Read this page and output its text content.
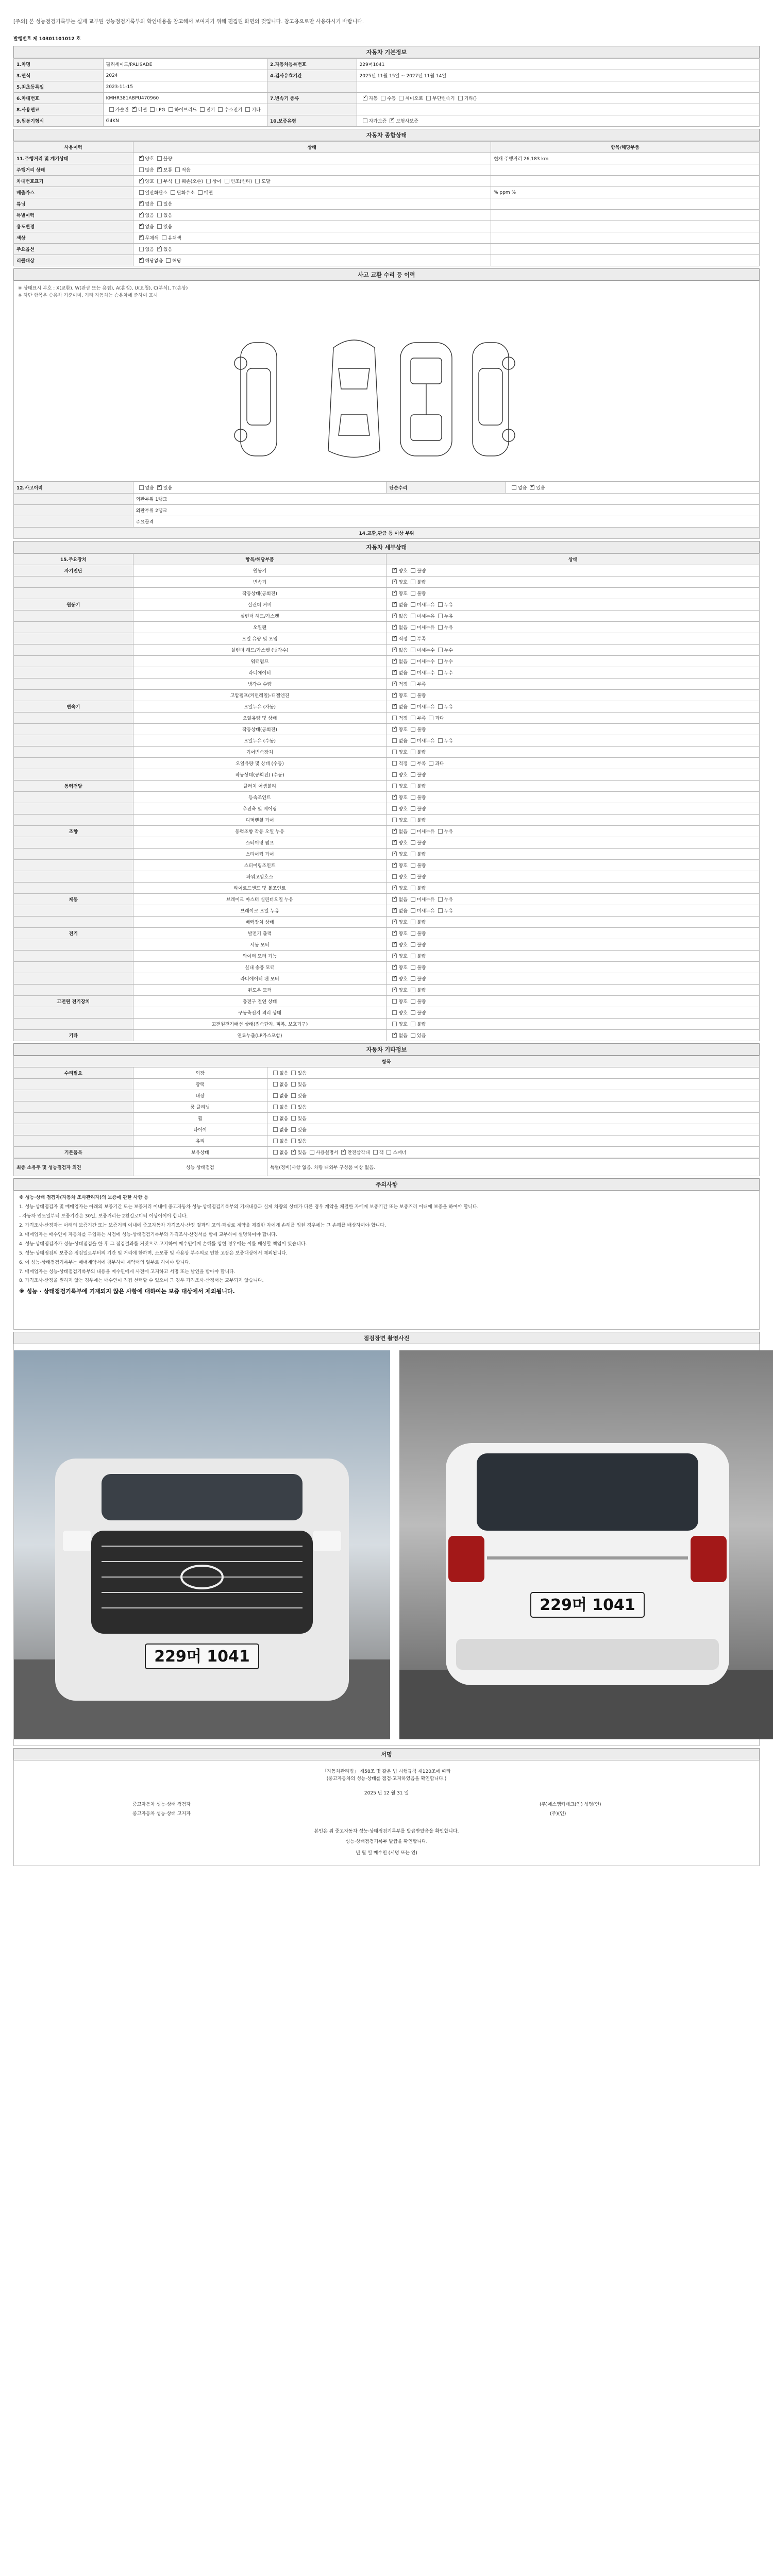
[주의] 본 성능점검기록부는 실제 교부된 성능점검기록부의 확인내용을 참고해서 보여지기 위해 편집된 화면의 것입니다. 참고용으로만 사용하시기 바랍니다.
발행번호 제 10301101012 호
자동차 기본정보
1.차명	팰리세이드/PALISADE	2.자동차등록번호	229머1041
3.연식	2024	4.검사유효기간	2025년 11월 15일 ~ 2027년 11월 14일
5.최초등록일	2023-11-15		
6.차대번호	KMHR381ABPU470960	7.변속기 종류	✓자동 수동 세미오토 무단변속기 기타()
8.사용연료	가솔린 ✓ 디젤 LPG 하이브리드 전기 수소전기 기타		
9.원동기형식	G4KN	10.보증유형	자가보증 ✓ 보험사보증
자동차 종합상태
사용이력	상태	항목/해당부품
11.주행거리 및 계기상태	✓양호 불량	현재 주행거리 26,183 km
주행거리 상태	많음 ✓ 보통 적음	
차대번호표기	✓양호 부식 훼손(오손) 상이 변조(변타) 도말	
배출가스	일산화탄소 탄화수소 매연	% ppm %
튜닝	✓없음 있음	
특별이력	✓없음 있음	
용도변경	✓없음 있음	
색상	✓무채색 유채색	
주요옵션	없음 ✓ 있음	
리콜대상	✓해당없음 해당	
사고 교환 수리 등 이력
※ 상태표시 부호 : X(교환), W(판금 또는 용접), A(흠집), U(요철), C(부식), T(손상)
※ 하단 항목은 승용차 기준이며, 기타 자동차는 승용차에 준하여 표시
12.사고이력	없음 ✓ 있음	단순수리	없음 ✓ 있음
	외판부위 1랭크		
	외판부위 2랭크		
	주요골격		
14.교환,판금 등 이상 부위			
자동차 세부상태
15.주요장치	항목/해당부품	상태
자기진단	원동기	✓양호 불량
	변속기	✓양호 불량
	작동상태(공회전)	✓양호 불량
원동기	실린더 커버	✓없음 미세누유 누유
	실린더 헤드/가스켓	✓없음 미세누유 누유
	오일팬	✓없음 미세누유 누유
	오일 유량 및 오염	✓적정 부족
	실린더 헤드/가스켓 (냉각수)	✓없음 미세누수 누수
	워터펌프	✓없음 미세누수 누수
	라디에이터	✓없음 미세누수 누수
	냉각수 수량	✓적정 부족
	고압펌프(커먼레일)-디젤엔진	✓양호 불량
변속기	오일누유 (자동)	✓없음 미세누유 누유
	오일유량 및 상태	적정 부족 과다
	작동상태(공회전)	✓양호 불량
	오일누유 (수동)	없음 미세누유 누유
	기어변속장치	양호 불량
	오일유량 및 상태 (수동)	적정 부족 과다
	작동상태(공회전) (수동)	양호 불량
동력전달	클러치 어셈블리	양호 불량
	등속조인트	✓양호 불량
	추진축 및 베어링	양호 불량
	디퍼렌셜 기어	양호 불량
조향	동력조향 작동 오일 누유	✓없음 미세누유 누유
	스티어링 펌프	✓양호 불량
	스티어링 기어	✓양호 불량
	스티어링조인트	✓양호 불량
	파워고압호스	양호 불량
	타이로드엔드 및 볼조인트	✓양호 불량
제동	브레이크 마스터 실린더오일 누유	✓없음 미세누유 누유
	브레이크 오일 누유	✓없음 미세누유 누유
	배력장치 상태	✓양호 불량
전기	발전기 출력	✓양호 불량
	시동 모터	✓양호 불량
	와이퍼 모터 기능	✓양호 불량
	실내 송풍 모터	✓양호 불량
	라디에이터 팬 모터	✓양호 불량
	윈도우 모터	✓양호 불량
고전원 전기장치	충전구 절연 상태	양호 불량
	구동축전지 격리 상태	양호 불량
	고전원전기배선 상태(접속단자, 피복, 보호기구)	양호 불량
기타	연료누출(LP가스포함)	✓없음 있음
자동차 기타정보
항목		
수리필요	외장	없음 있음
	광택	없음 있음
	내장	없음 있음
	룸 클리닝	없음 있음
	휠	없음 있음
	타이어	없음 있음
	유리	없음 있음
기본품목	보유상태	없음 ✓ 있음 사용설명서 ✓ 안전삼각대 잭 스패너
최종 소유주 및 성능점검자 의견	성능 상태점검	특별(정비)사항 없음. 차량 내외부 구성품 이상 없음.
주의사항

※ 성능·상태 점검자(자동차 조사관리자)의 보증에 관한 사항 등

1. 성능·상태점검자 및 매매업자는 아래의 보증기간 또는 보증거리 이내에 중고자동차 성능·상태점검기록부의 기재내용과 실제 차량의 상태가 다른 경우 계약을 체결한 자에게 보증기간 또는 보증거리 이내에 보증을 하여야 합니다.

- 자동차 인도일부터 보증기간은 30일, 보증거리는 2천킬로미터 이상이어야 합니다.

2. 가격조사·산정자는 아래의 보증기간 또는 보증거리 이내에 중고자동차 가격조사·산정 결과의 고의·과실로 계약을 체결한 자에게 손해를 입힌 경우에는 그 손해를 배상하여야 합니다.

3. 매매업자는 매수인이 자동차를 구입하는 시점에 성능·상태점검기록부와 가격조사·산정서를 함께 교부하여 설명하여야 합니다.

4. 성능·상태점검자가 성능·상태점검을 한 후 그 점검결과를 거짓으로 고지하여 매수인에게 손해를 입힌 경우에는 이를 배상할 책임이 있습니다.

5. 성능·상태점검의 보증은 점검일로부터의 기간 및 거리에 한하며, 소모품 및 사용상 부주의로 인한 고장은 보증대상에서 제외됩니다.

6. 이 성능·상태점검기록부는 매매계약서에 첨부하여 계약서의 일부로 하여야 합니다.

7. 매매업자는 성능·상태점검기록부의 내용을 매수인에게 사전에 고지하고 서명 또는 날인을 받아야 합니다.

8. 가격조사·산정을 원하지 않는 경우에는 매수인이 직접 선택할 수 있으며 그 경우 가격조사·산정서는 교부되지 않습니다.

※ 성능 · 상태점검기록부에 기재되지 않은 사항에 대하여는 보증 대상에서 제외됩니다.

점검장면 촬영사진
229머 1041
229머 1041
서명
「자동차관리법」 제58조 및 같은 법 시행규칙 제120조에 따라
(중고자동차의 성능·상태를 점검·고지하였음을 확인합니다.)
2025 년 12 월 31 일
중고자동차 성능·상태 점검자
중고자동차 성능·상태 고지자
(주)에스엠카테크(인) 성명(인)
(주)(인)
본인은 위 중고자동차 성능·상태점검기록부를 발급받았음을 확인합니다.
성능·상태점검기록부 발급을 확인합니다.
년 월 일 매수인 (서명 또는 인)
